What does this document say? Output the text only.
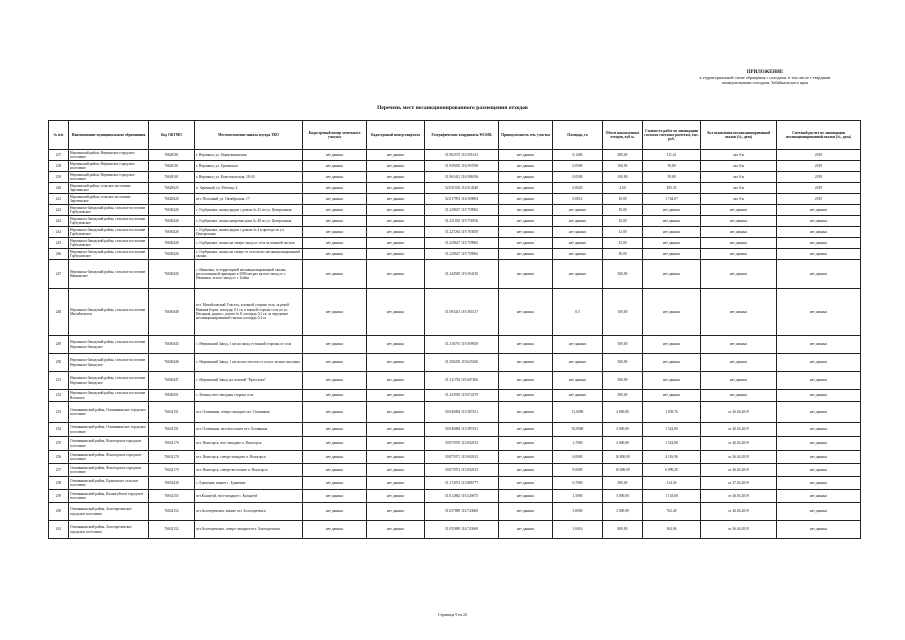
ПРИЛОЖЕНИЕ
к территориальной схеме обращения с отходами, в том числе с твердыми
коммунальными отходами, Забайкальского края
Перечень мест несанкционированного размещения отходов
№ п/п	Наименование муниципального образования	Код ОКТМО	Местоположение навала мусора ТКО	Кадастровый номер земельного участка	Кадастровый номер квартала	Географические координаты WGS84	Принадлежность зем. участка	Площадь, га	Объем накопленных отходов, куб.м.	Стоимость работ по ликвидации согласно сметным расчетам, тыс. руб.	Акт выявления несанкционированной свалки (№, дата)	Сметный расчет по ликвидации несанкционированной свалки (№, дата)
237	Нерчинский район, Нерчинское городское поселение	76628101	г. Нерчинск, ул. Оцинтюшинская	нет данных	нет данных	51.963575 116.591613	нет данных	0,1400	280,00	111,41	акт б/н	2019
238	Нерчинский район, Нерчинское городское поселение	76628101	г. Нерчинск, ул. Грачевская	нет данных	нет данных	51.939035 116.593768	нет данных	0,0500	100,00	39,80	акт б/н	2019
239	Нерчинский район, Нерчинское городское поселение	76628101	г. Нерчинск, ул. Комсомольская, 18-20	нет данных	нет данных	51.963421 116.586196	нет данных	0,0500	100,00	39,80	акт б/н	2019
240	Нерчинский район, сельское поселение Заречинское	76628425	п. Заречный, ул. Рабочая, 2	нет данных	нет данных	52.031530 116.514340	нет данных	0,0020	4,00	495,33	акт б/н	2019
241	Нерчинский район, сельское поселение Зареченское	76628420	пгт. Песчаный, ул. Октябрьская, 17	нет данных	нет данных	52.017991 116.569804	нет данных	0,0012	10,00	1 744,07	акт б/н	2019
242	Нерчинско-Заводский район, сельское поселение Горбуновское	76630426	с. Горбуновка, свалка рядом с домом № 41 по ул. Центральная	нет данных	нет данных	51.229637 119.759962	нет данных	нет данных	18,00	нет данных	нет данных	нет данных
243	Нерчинско-Заводский район, сельское поселение Горбуновское	76630426	с. Горбуновка, свалка напротив дома № 48 по ул. Центральная	нет данных	нет данных	51.231035 119.758106	нет данных	нет данных	10,00	нет данных	нет данных	нет данных
244	Нерчинско-Заводский район, сельское поселение Горбуновское	76630426	с. Горбуновка, свалка рядом с домом № 4 в проезде по ул. Центральная	нет данных	нет данных	51.227264 119.763859	нет данных	нет данных	12,00	нет данных	нет данных	нет данных
245	Нерчинско-Заводский район, сельское поселение Горбуновское	76630426	с. Горбуновка, свалка на северо-запад от села за военной частью	нет данных	нет данных	51.229627 119.759962	нет данных	нет данных	25,00	нет данных	нет данных	нет данных
246	Нерчинско-Заводский район, сельское поселение Горбуновское	76630426	с. Горбуновка, свалка на севере от села возле несанкционированной свалки	нет данных	нет данных	51.229627 119.759962	нет данных	нет данных	30,00	нет данных	нет данных	нет данных
247	Нерчинско-Заводский район, сельское поселение Ивановское	76630430	с. Ивановка, за территорией несанкционированной свалки, расположенной примерно в 3000 метрах на юго-запад от с. Ивановка, за юго-запад от с. Байка	нет данных	нет данных	51.244585 119.394150	нет данных	нет данных	300,00	нет данных	нет данных	нет данных
248	Нерчинско-Заводский район, сельское поселение Михайловское	76630448	пст. Михайловский Участок, в южной стороне села, за рекой Нижняя Борзя, площадь 0,1 га; в южной стороне села по ул. Нагорная, рядом с домом № 8, площадь 0,1 га; за чередовые несанкционированной свалки, площадь 0,2 га	нет данных	нет данных	51.093413 119.365117	нет данных	0,5	100,00	нет данных	нет данных	нет данных
249	Нерчинско-Заводский район, сельское поселение Нерчинско-Заводское	76630445	с. Нерчинский Завод, 1 км на запад от южной стороны от села	нет данных	нет данных	51.316791 119.569929	нет данных	нет данных	300,00	нет данных	нет данных	нет данных
250	Нерчинско-Заводский район, сельское поселение Нерчинско-Заводское	76630446	с. Нерчинский Завод, 1 км на юго-восток от села в лесных массивах	нет данных	нет данных	51.300205 119.625260	нет данных	нет данных	300,00	нет данных	нет данных	нет данных
251	Нерчинско-Заводский район, сельское поселение Нерчинско-Заводское	76630447	с. Нерчинский Завод, на полевой "Кресталка"	нет данных	нет данных	51.311758 119.607266	нет данных	нет данных	300,00	нет данных	нет данных	нет данных
252	Нерчинско-Заводский район, сельское поселение Ялонское	76630451	с. Ялонка, юго-западная сторона села	нет данных	нет данных	51.433918 119.072279	нет данных	нет данных	300,00	нет данных	нет данных	нет данных
253	Оловяннинский район, Оловяннинское городское поселение	76632151	пгт. Оловянная, северо-западнее пгт. Оловянная	нет данных	нет данных	50.946084 115.587431	нет данных	31,0000	4 800,00	1 839,76	от 26.04.2019	нет данных
254	Оловяннинский район, Оловяннинское городское поселение	76632151	пгт. Оловянная, юго-восточнее пгт. Оловянная	нет данных	нет данных	50.946084 115.587431	нет данных	30,0000	4 000,00	1 524,80	от 26.04.2019	нет данных
255	Оловяннинский район, Ясногорское городское поселение	76632170	пгт. Ясногорск, юго-западнее п. Ясногорск	нет данных	нет данных	50.875976 115.692013	нет данных	1,7000	4 000,00	1 524,80	от 26.04.2019	нет данных
256	Оловяннинский район, Ясногорское городское поселение	76632170	пгт. Ясногорск, северо-западнее п. Ясногорск	нет данных	нет данных	50.875971 115.692013	нет данных	6,0000	10 800,00	4 116,96	от 26.04.2019	нет данных
257	Оловяннинский район, Ясногорское городское поселение	76632170	пгт. Ясногорск, северо-восточнее п. Ясногорск	нет данных	нет данных	50.875972 115.692013	нет данных	9,0000	16 000,00	6 099,20	от 26.04.2019	нет данных
258	Оловяннинский район, Единенское сельское поселение	76632430	с. Единение, южнее с. Единение	нет данных	нет данных	51.174072 115.886777	нет данных	0,7000	300,00	114,36	от 27.04.2019	нет данных
259	Оловяннинский район, Калангуйское городское поселение	76632155	пгт.Калангуй, юго-западнее с. Калангуй	нет данных	нет данных	51.012862 116.520675	нет данных	1,5000	3 000,00	1 143,60	от 26.04.2019	нет данных
260	Оловяннинский район, Золотореченское городское поселение	76632152	пгт.Золотореченск, южнее пгт. Золотореченск	нет данных	нет данных	51.057889 116.743669	нет данных	5,0000	2 000,00	762,40	от 26.04.2019	нет данных
261	Оловяннинский район, Золотореченское городское поселение	76632152	пгт.Золотореченск, северо-западнее пгт. Золотореченск	нет данных	нет данных	51.055889 116.743669	нет данных	1,0416	800,00	304,96	от 26.04.2019	нет данных
Страница 9 из 22
